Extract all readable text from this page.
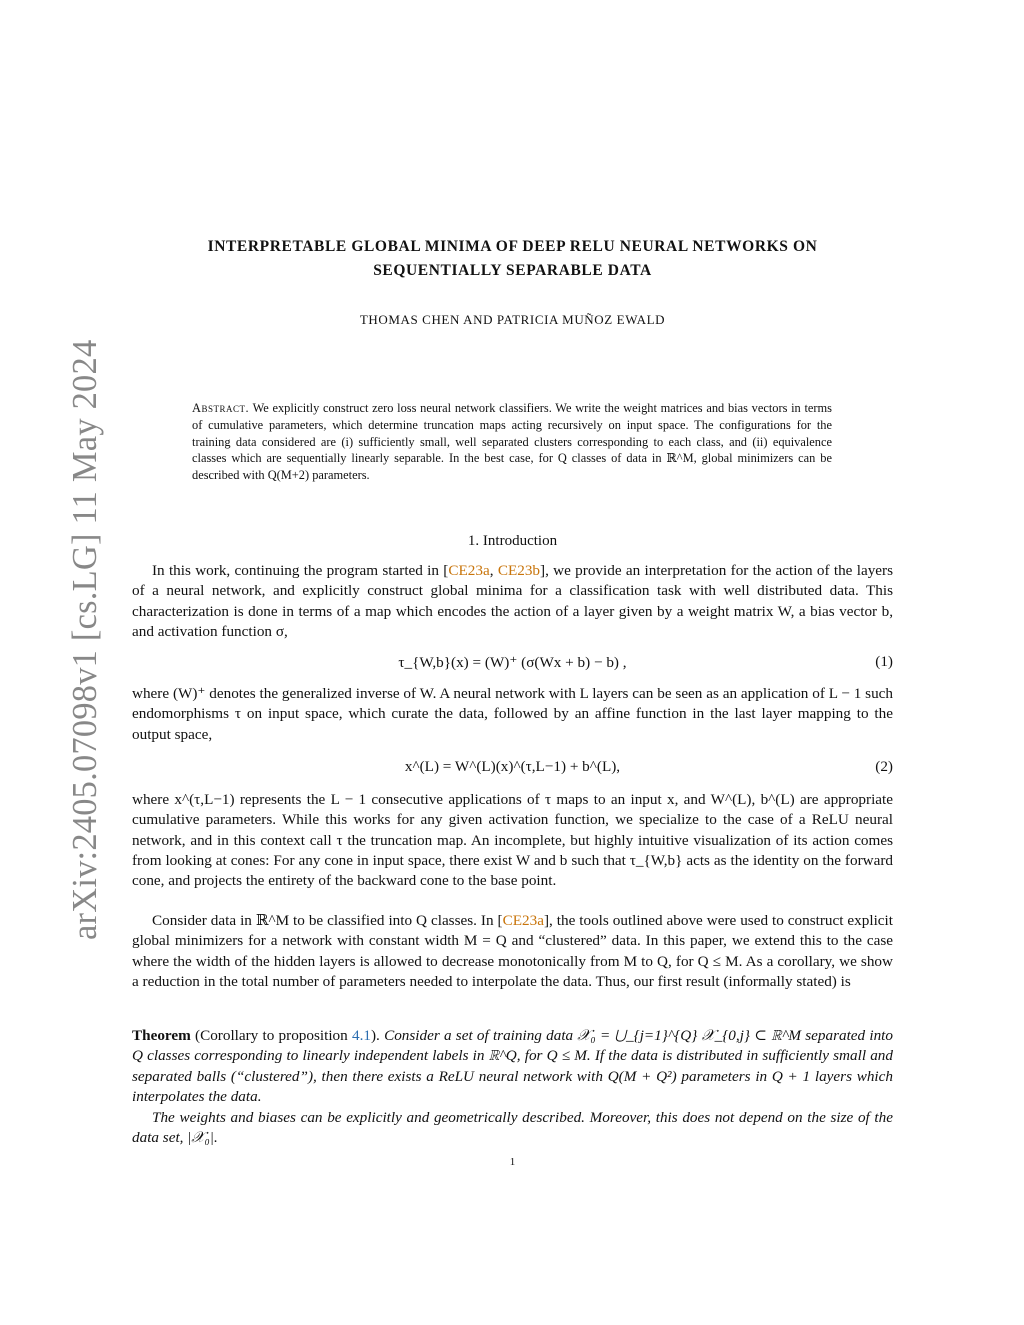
arXiv:2405.07098v1 [cs.LG] 11 May 2024
INTERPRETABLE GLOBAL MINIMA OF DEEP RELU NEURAL NETWORKS ON
SEQUENTIALLY SEPARABLE DATA
THOMAS CHEN AND PATRICIA MUÑOZ EWALD
Abstract. We explicitly construct zero loss neural network classifiers. We write the weight matrices and bias vectors in terms of cumulative parameters, which determine truncation maps acting recursively on input space. The configurations for the training data considered are (i) sufficiently small, well separated clusters corresponding to each class, and (ii) equivalence classes which are sequentially linearly separable. In the best case, for Q classes of data in ℝ^M, global minimizers can be described with Q(M+2) parameters.
1. Introduction
In this work, continuing the program started in [CE23a, CE23b], we provide an interpretation for the action of the layers of a neural network, and explicitly construct global minima for a classification task with well distributed data. This characterization is done in terms of a map which encodes the action of a layer given by a weight matrix W, a bias vector b, and activation function σ,
τ_{W,b}(x) = (W)⁺ (σ(Wx + b) − b) ,	(1)
where (W)⁺ denotes the generalized inverse of W. A neural network with L layers can be seen as an application of L − 1 such endomorphisms τ on input space, which curate the data, followed by an affine function in the last layer mapping to the output space,
x^(L) = W^(L)(x)^(τ,L−1) + b^(L),	(2)
where x^(τ,L−1) represents the L − 1 consecutive applications of τ maps to an input x, and W^(L), b^(L) are appropriate cumulative parameters. While this works for any given activation function, we specialize to the case of a ReLU neural network, and in this context call τ the truncation map. An incomplete, but highly intuitive visualization of its action comes from looking at cones: For any cone in input space, there exist W and b such that τ_{W,b} acts as the identity on the forward cone, and projects the entirety of the backward cone to the base point.
Consider data in ℝ^M to be classified into Q classes. In [CE23a], the tools outlined above were used to construct explicit global minimizers for a network with constant width M = Q and “clustered” data. In this paper, we extend this to the case where the width of the hidden layers is allowed to decrease monotonically from M to Q, for Q ≤ M. As a corollary, we show a reduction in the total number of parameters needed to interpolate the data. Thus, our first result (informally stated) is
Theorem (Corollary to proposition 4.1). Consider a set of training data 𝒳₀ = ⋃_{j=1}^{Q} 𝒳_{0,j} ⊂ ℝ^M separated into Q classes corresponding to linearly independent labels in ℝ^Q, for Q ≤ M. If the data is distributed in sufficiently small and separated balls (“clustered”), then there exists a ReLU neural network with Q(M + Q²) parameters in Q + 1 layers which interpolates the data.
The weights and biases can be explicitly and geometrically described. Moreover, this does not depend on the size of the data set, |𝒳₀|.
1
